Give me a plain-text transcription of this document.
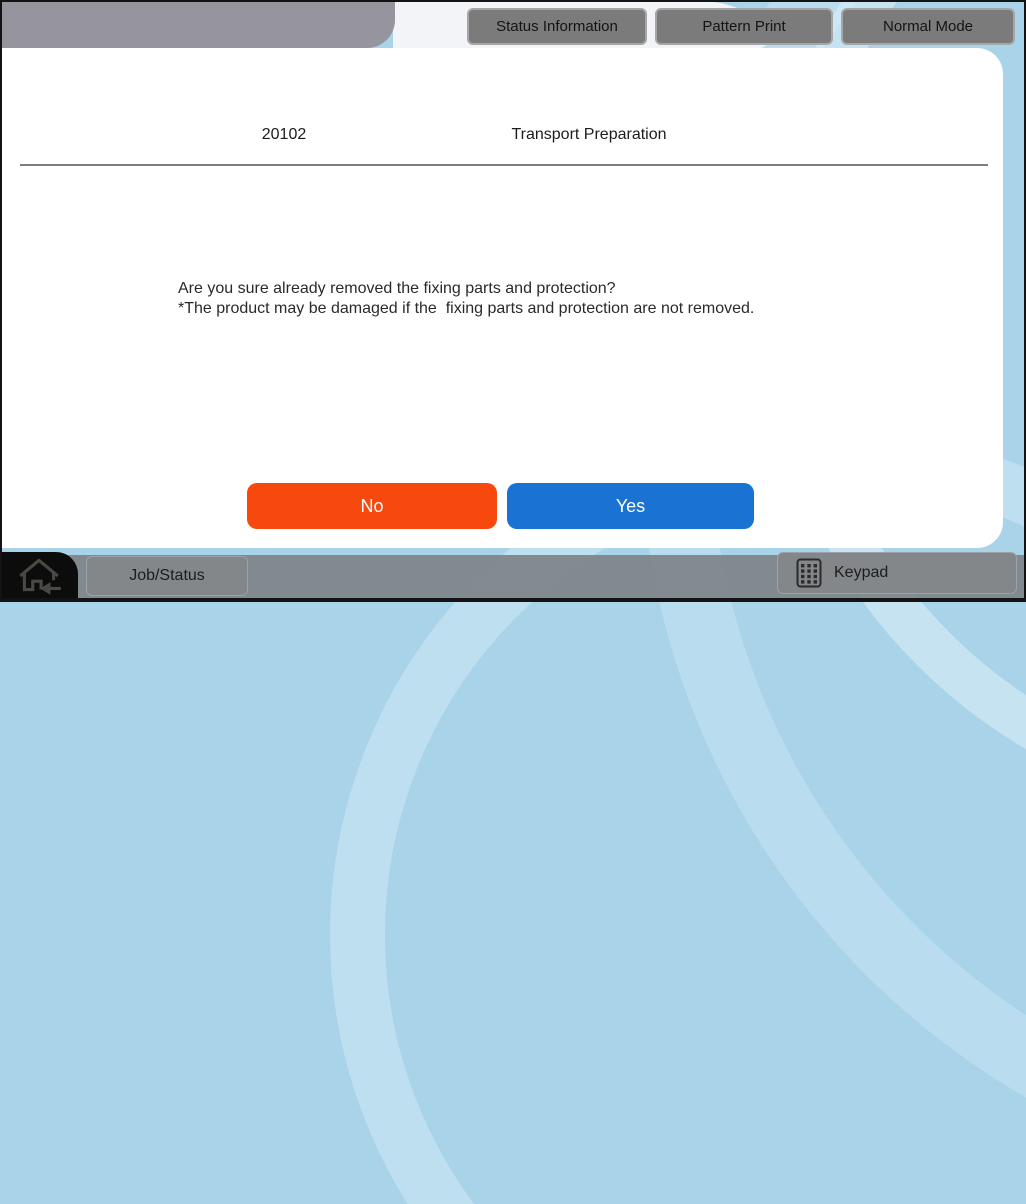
Status Information	Pattern Print	Normal Mode
20102	Transport Preparation
Are you sure already removed the fixing parts and protection?
*The product may be damaged if the  fixing parts and protection are not removed.
No	Yes
Job/Status	Keypad
